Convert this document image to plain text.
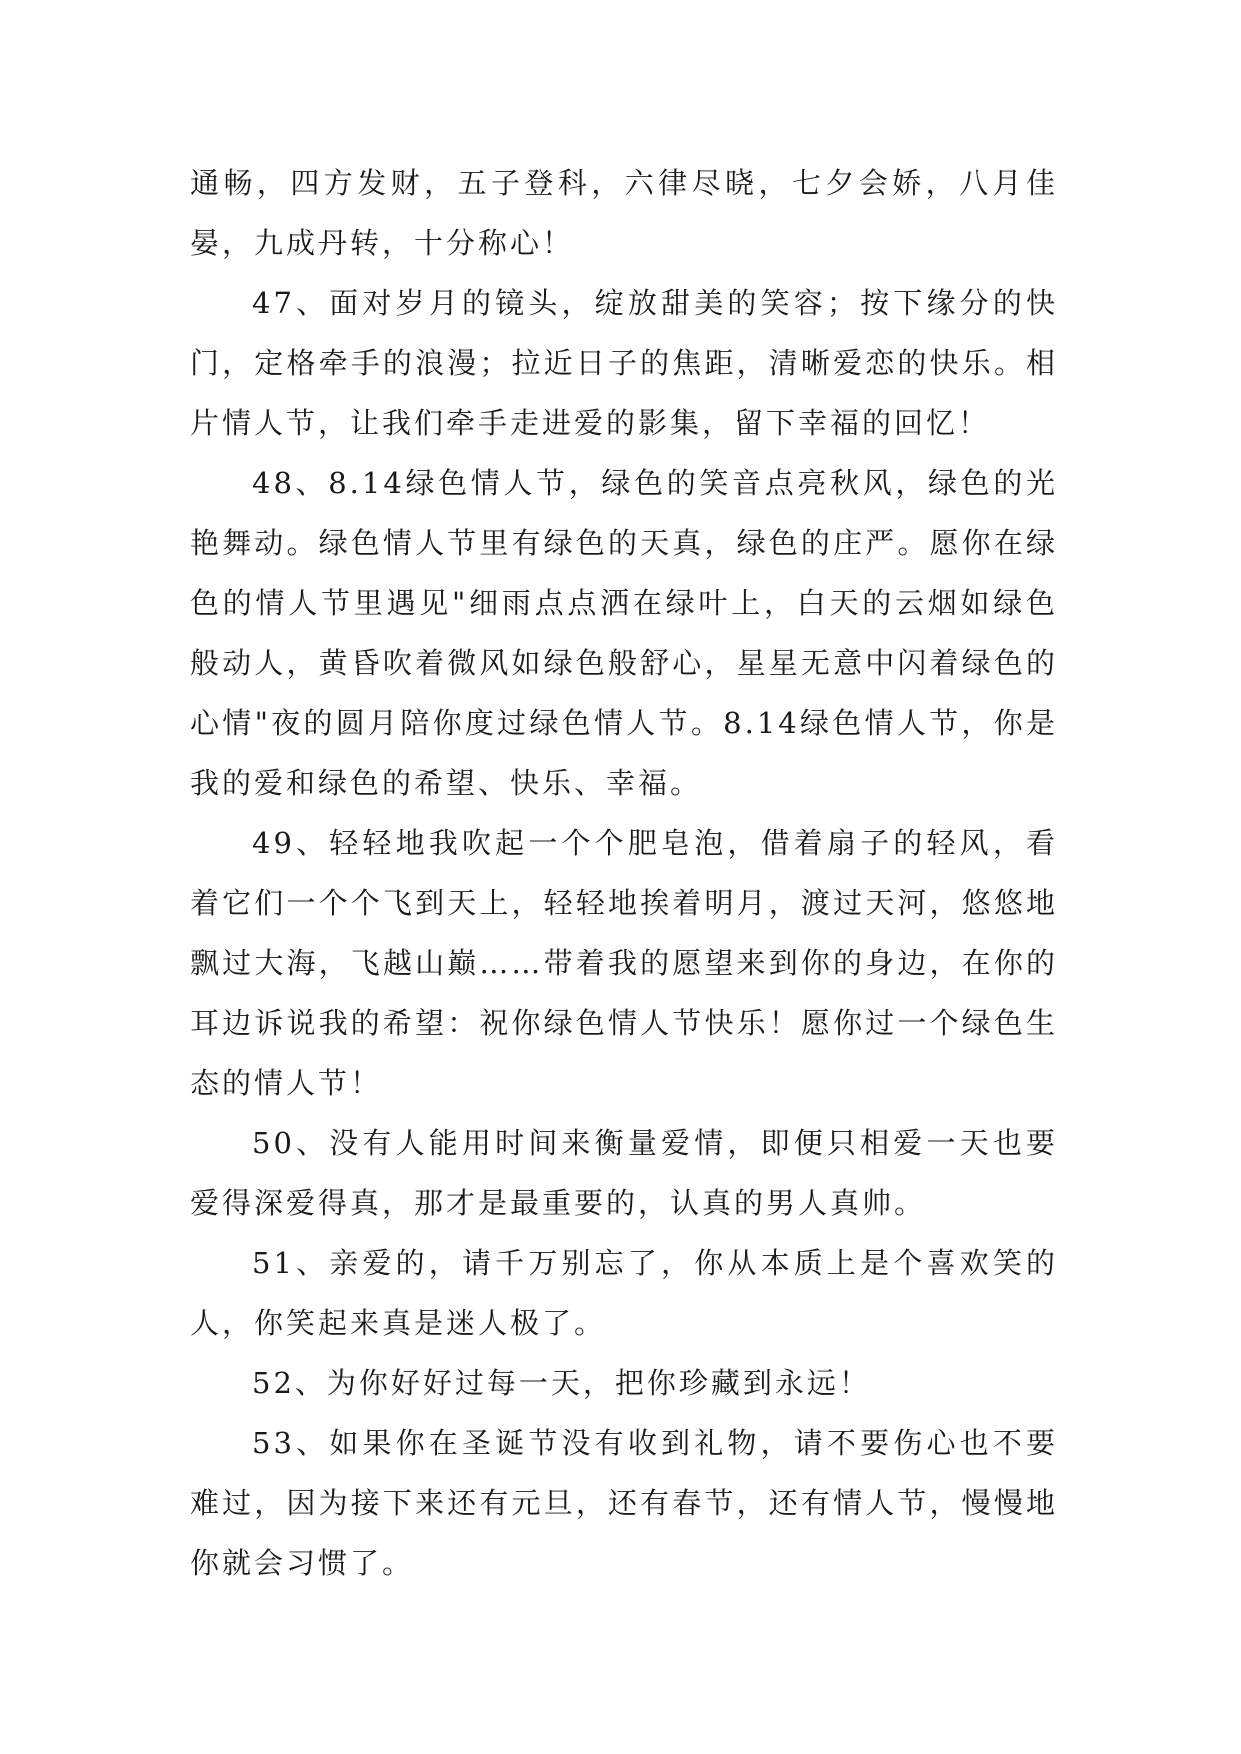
通畅，四方发财，五子登科，六律尽晓，七夕会娇，八月佳晏，九成丹转，十分称心！

47、面对岁月的镜头，绽放甜美的笑容；按下缘分的快门，定格牵手的浪漫；拉近日子的焦距，清晰爱恋的快乐。相片情人节，让我们牵手走进爱的影集，留下幸福的回忆！

48、8.14绿色情人节，绿色的笑音点亮秋风，绿色的光艳舞动。绿色情人节里有绿色的天真，绿色的庄严。愿你在绿色的情人节里遇见"细雨点点洒在绿叶上，白天的云烟如绿色般动人，黄昏吹着微风如绿色般舒心，星星无意中闪着绿色的心情"夜的圆月陪你度过绿色情人节。8.14绿色情人节，你是我的爱和绿色的希望、快乐、幸福。

49、轻轻地我吹起一个个肥皂泡，借着扇子的轻风，看着它们一个个飞到天上，轻轻地挨着明月，渡过天河，悠悠地飘过大海，飞越山巅……带着我的愿望来到你的身边，在你的耳边诉说我的希望：祝你绿色情人节快乐！愿你过一个绿色生态的情人节！

50、没有人能用时间来衡量爱情，即便只相爱一天也要爱得深爱得真，那才是最重要的，认真的男人真帅。

51、亲爱的，请千万别忘了，你从本质上是个喜欢笑的人，你笑起来真是迷人极了。

52、为你好好过每一天，把你珍藏到永远！

53、如果你在圣诞节没有收到礼物，请不要伤心也不要难过，因为接下来还有元旦，还有春节，还有情人节，慢慢地你就会习惯了。
